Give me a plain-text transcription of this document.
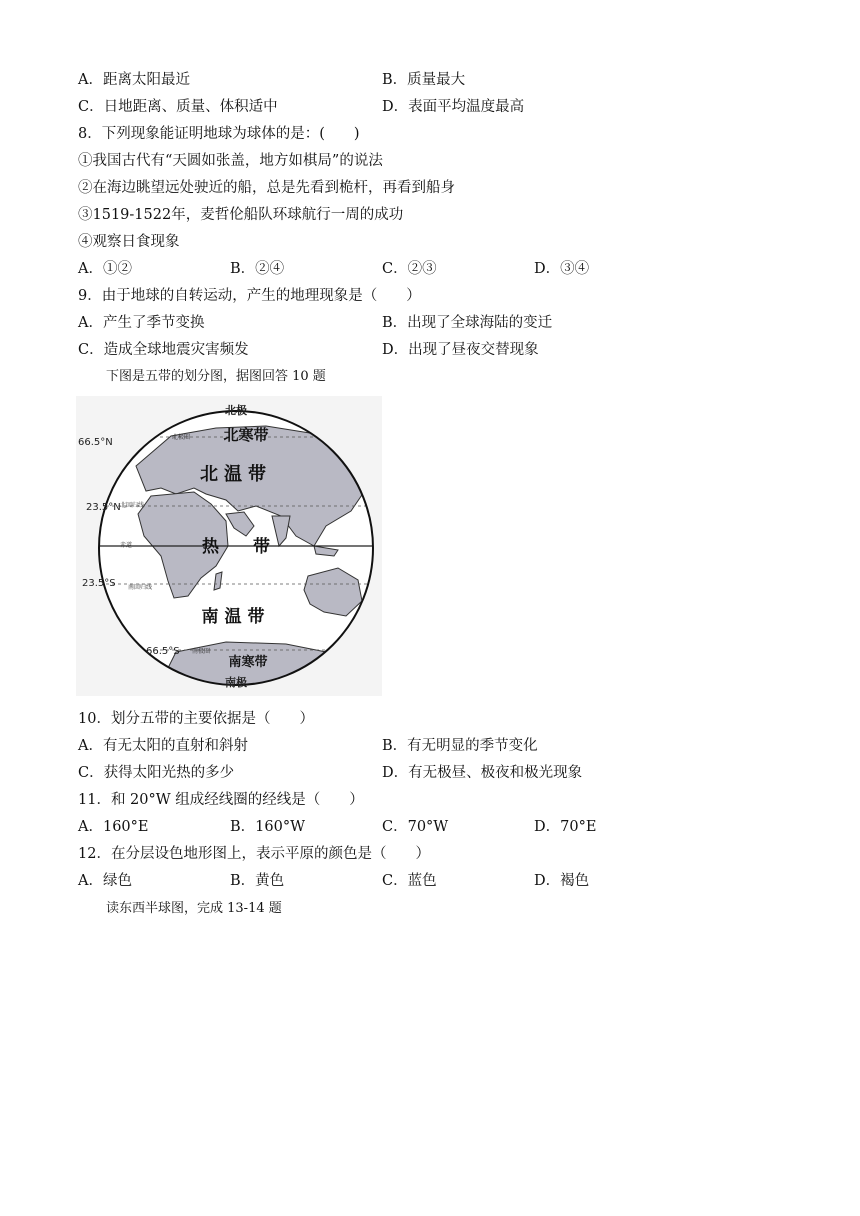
A．距离太阳最近	B．质量最大
C．日地距离、质量、体积适中	D．表面平均温度最高
8．下列现象能证明地球为球体的是：(　　)
①我国古代有“天圆如张盖，地方如棋局”的说法
②在海边眺望远处驶近的船，总是先看到桅杆，再看到船身
③1519-1522年，麦哲伦船队环球航行一周的成功
④观察日食现象
A．①②	B．②④	C．②③	D．③④
9．由于地球的自转运动，产生的地理现象是（　　）
A．产生了季节变换	B．出现了全球海陆的变迁
C．造成全球地震灾害频发	D．出现了昼夜交替现象
下图是五带的划分图，据图回答 10 题
北极
南极
66.5°N
23.5°N
23.5°S
66.5°S
北极圈
北回归线
赤道
南回归线
南极圈
北寒带
北温带
热　　带
南温带
南寒带
10．划分五带的主要依据是（　　）
A．有无太阳的直射和斜射	B．有无明显的季节变化
C．获得太阳光热的多少	D．有无极昼、极夜和极光现象
11．和 20°W 组成经线圈的经线是（　　）
A．160°E	B．160°W	C．70°W	D．70°E
12．在分层设色地形图上，表示平原的颜色是（　　）
A．绿色	B．黄色	C．蓝色	D．褐色
读东西半球图，完成 13-14 题
